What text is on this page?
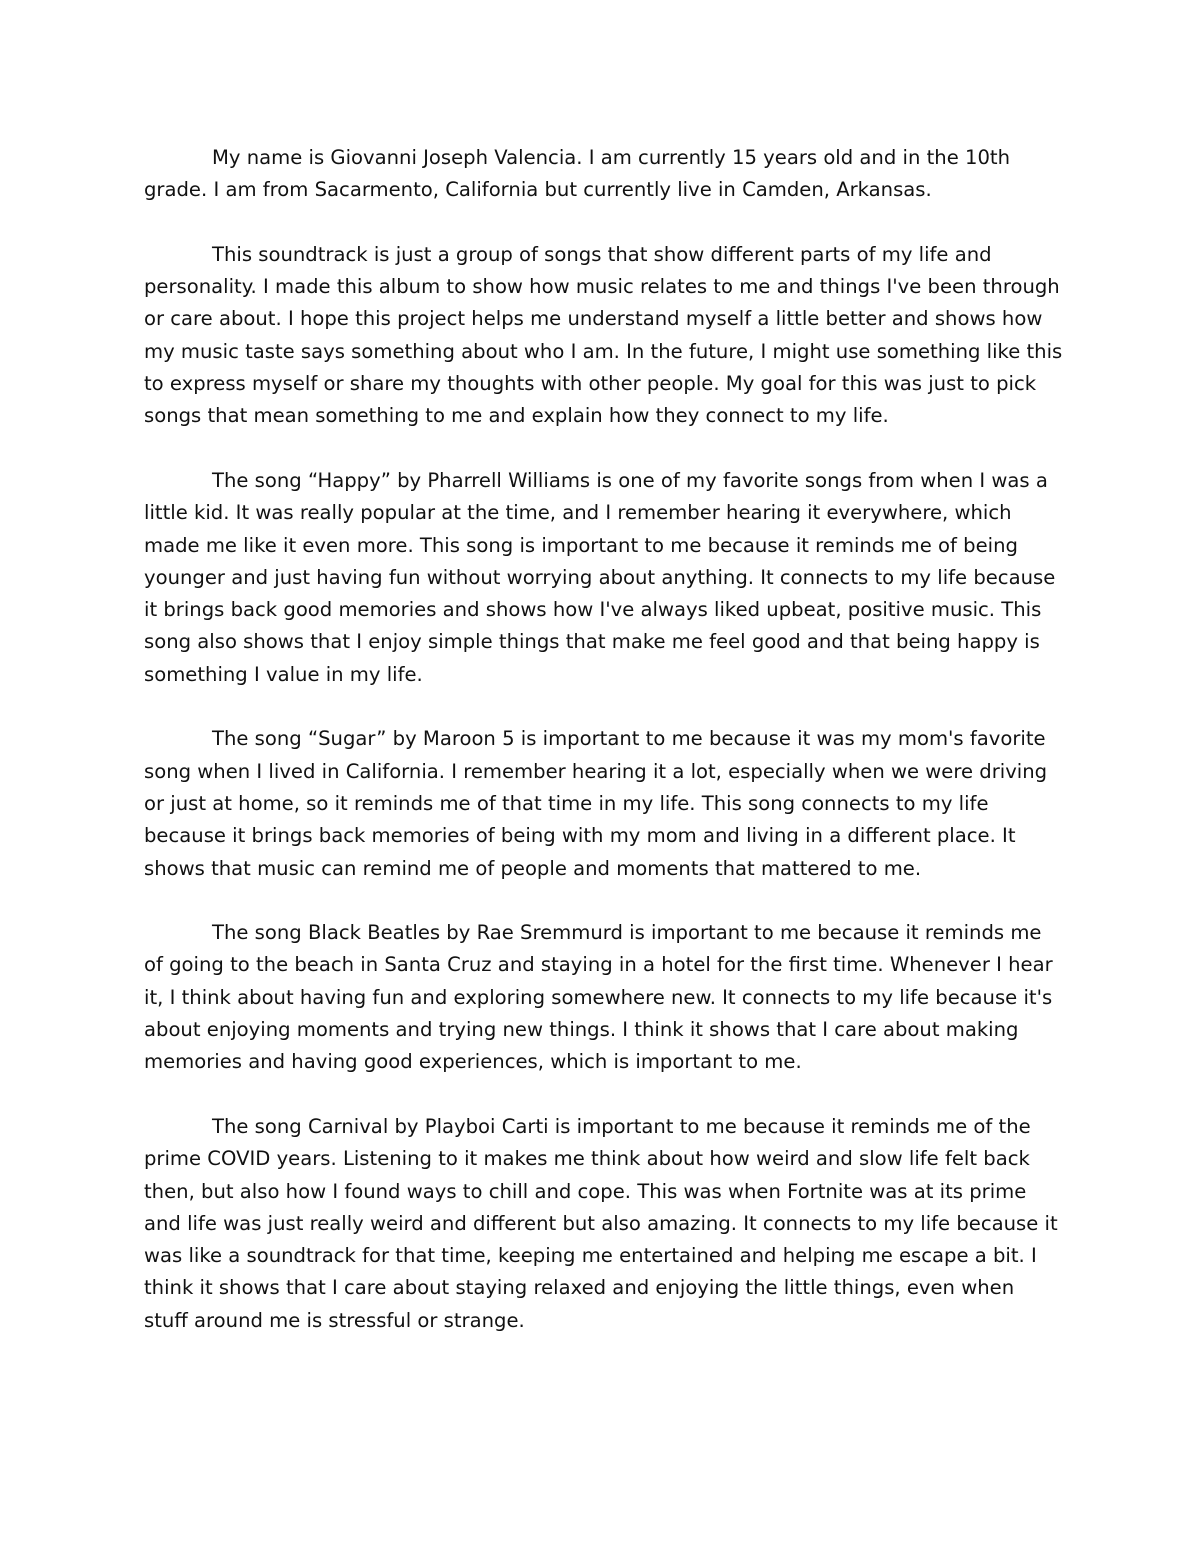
My name is Giovanni Joseph Valencia. I am currently 15 years old and in the 10th grade. I am from Sacarmento, California but currently live in Camden, Arkansas.

This soundtrack is just a group of songs that show different parts of my life and personality. I made this album to show how music relates to me and things I've been through or care about. I hope this project helps me understand myself a little better and shows how my music taste says something about who I am. In the future, I might use something like this to express myself or share my thoughts with other people. My goal for this was just to pick songs that mean something to me and explain how they connect to my life.

The song “Happy” by Pharrell Williams is one of my favorite songs from when I was a little kid. It was really popular at the time, and I remember hearing it everywhere, which made me like it even more. This song is important to me because it reminds me of being younger and just having fun without worrying about anything. It connects to my life because it brings back good memories and shows how I've always liked upbeat, positive music. This song also shows that I enjoy simple things that make me feel good and that being happy is something I value in my life.

The song “Sugar” by Maroon 5 is important to me because it was my mom's favorite song when I lived in California. I remember hearing it a lot, especially when we were driving or just at home, so it reminds me of that time in my life. This song connects to my life because it brings back memories of being with my mom and living in a different place. It shows that music can remind me of people and moments that mattered to me.

The song Black Beatles by Rae Sremmurd is important to me because it reminds me of going to the beach in Santa Cruz and staying in a hotel for the first time. Whenever I hear it, I think about having fun and exploring somewhere new. It connects to my life because it's about enjoying moments and trying new things. I think it shows that I care about making memories and having good experiences, which is important to me.

The song Carnival by Playboi Carti is important to me because it reminds me of the prime COVID years. Listening to it makes me think about how weird and slow life felt back then, but also how I found ways to chill and cope. This was when Fortnite was at its prime and life was just really weird and different but also amazing. It connects to my life because it was like a soundtrack for that time, keeping me entertained and helping me escape a bit. I think it shows that I care about staying relaxed and enjoying the little things, even when stuff around me is stressful or strange.
